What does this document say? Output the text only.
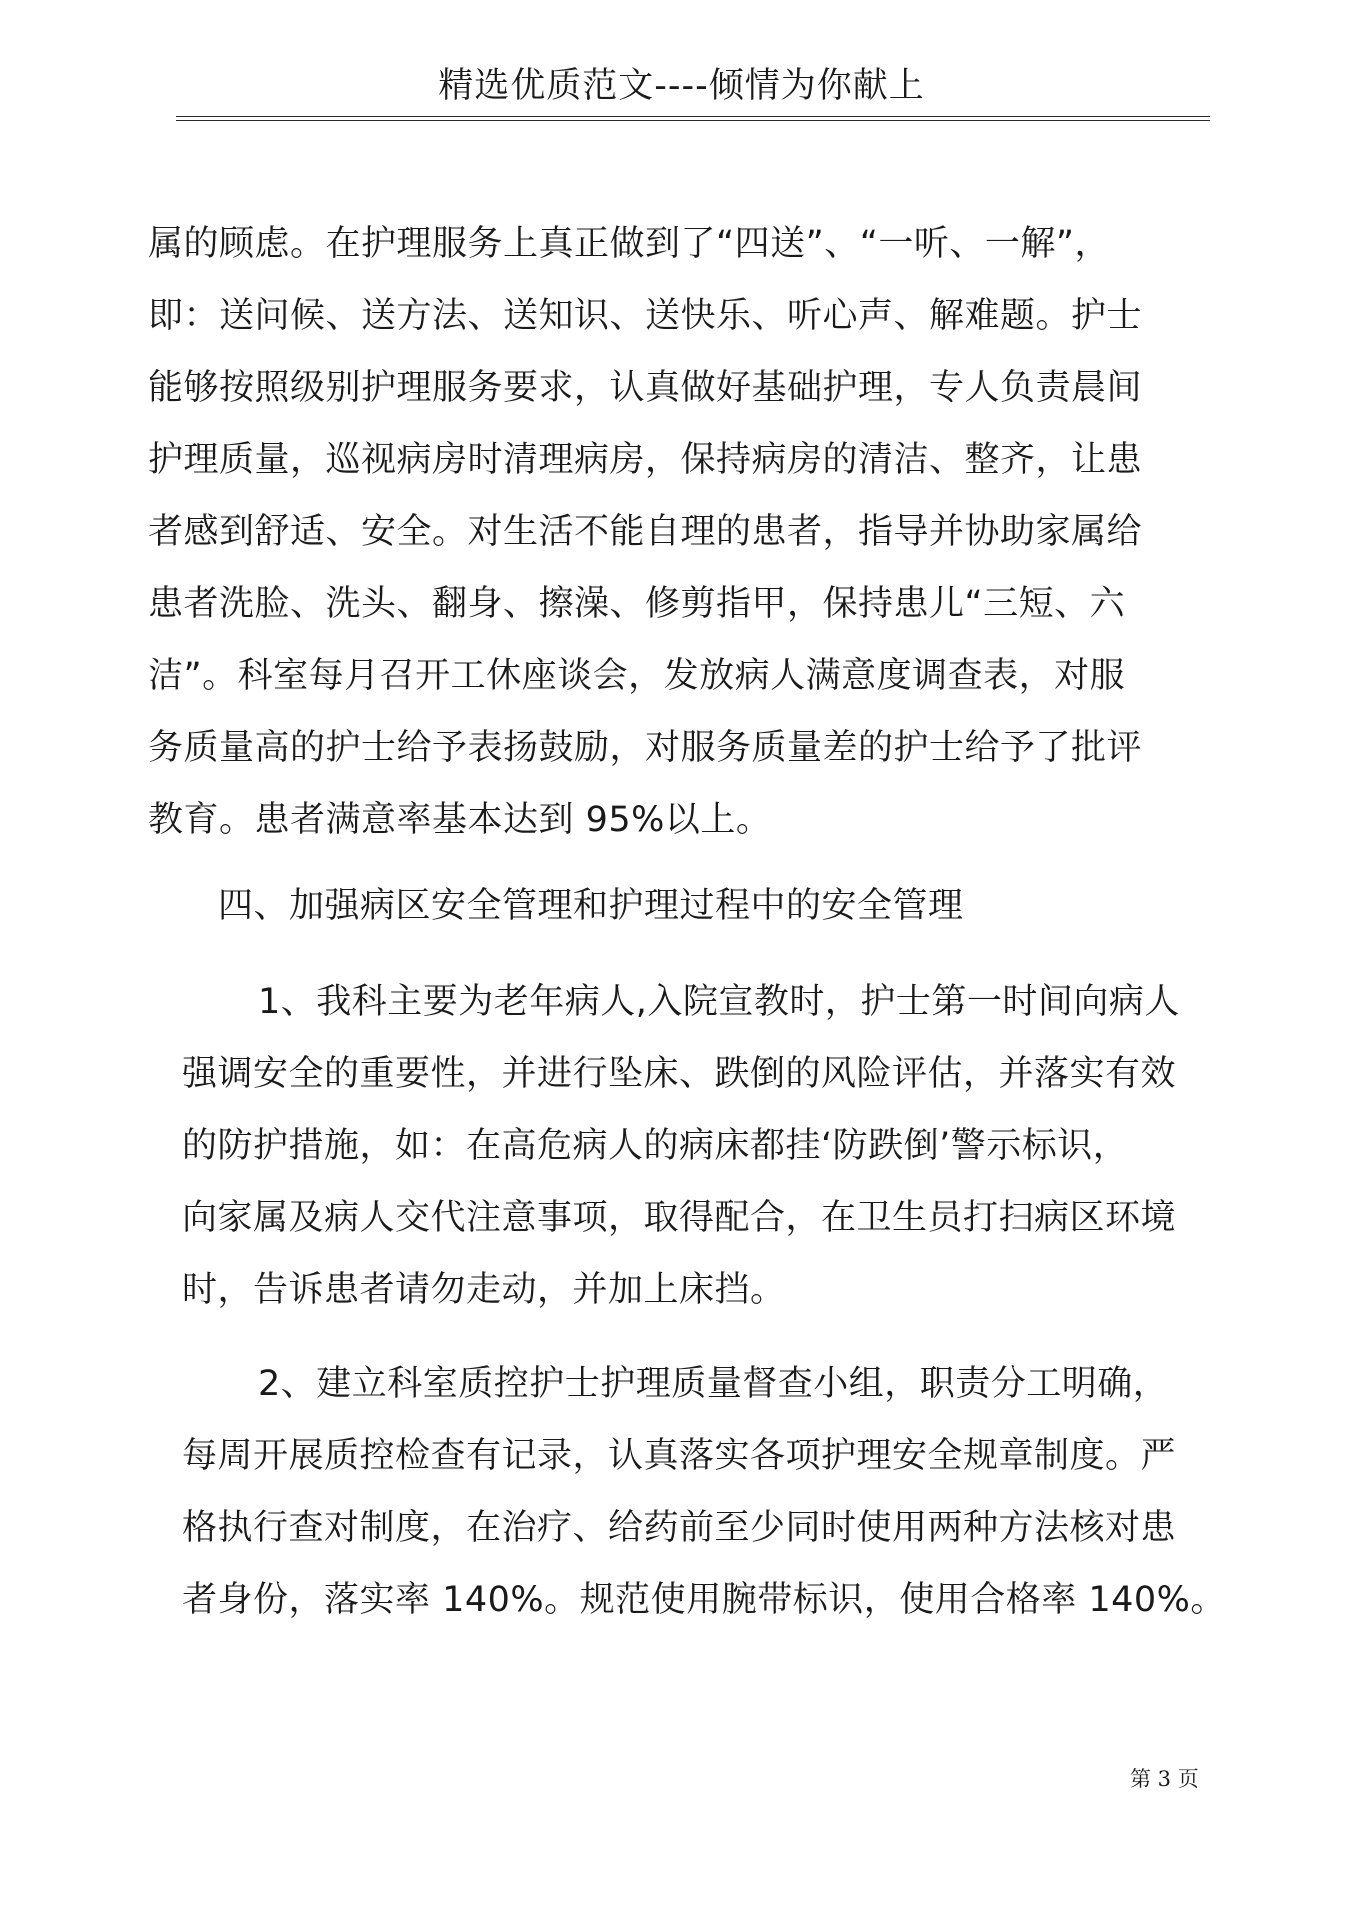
精选优质范文----倾情为你献上
属的顾虑。在护理服务上真正做到了“四送”、“一听、一解”，
即：送问候、送方法、送知识、送快乐、听心声、解难题。护士
能够按照级别护理服务要求，认真做好基础护理，专人负责晨间
护理质量，巡视病房时清理病房，保持病房的清洁、整齐，让患
者感到舒适、安全。对生活不能自理的患者，指导并协助家属给
患者洗脸、洗头、翻身、擦澡、修剪指甲，保持患儿“三短、六
洁”。科室每月召开工休座谈会，发放病人满意度调查表，对服
务质量高的护士给予表扬鼓励，对服务质量差的护士给予了批评
教育。患者满意率基本达到 95%以上。
四、加强病区安全管理和护理过程中的安全管理
1、我科主要为老年病人,入院宣教时，护士第一时间向病人
强调安全的重要性，并进行坠床、跌倒的风险评估，并落实有效
的防护措施，如：在高危病人的病床都挂‘防跌倒’警示标识，
向家属及病人交代注意事项，取得配合，在卫生员打扫病区环境
时，告诉患者请勿走动，并加上床挡。
2、建立科室质控护士护理质量督查小组，职责分工明确，
每周开展质控检查有记录，认真落实各项护理安全规章制度。严
格执行查对制度，在治疗、给药前至少同时使用两种方法核对患
者身份，落实率 140%。规范使用腕带标识，使用合格率 140%。
第 3 页
